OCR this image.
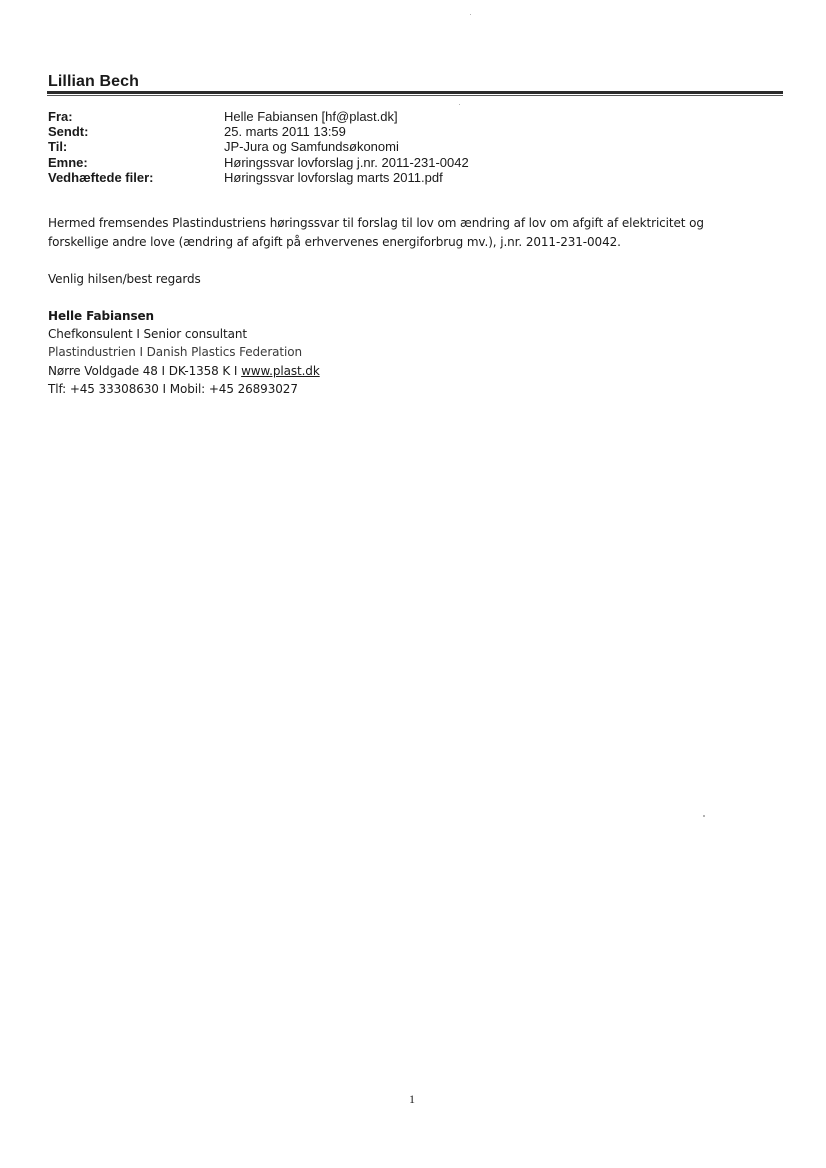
Lillian Bech
Fra:	Helle Fabiansen [hf@plast.dk]
Sendt:	25. marts 2011 13:59
Til:	JP-Jura og Samfundsøkonomi
Emne:	Høringssvar lovforslag j.nr. 2011-231-0042
Vedhæftede filer:	Høringssvar lovforslag marts 2011.pdf

Hermed fremsendes Plastindustriens høringssvar til forslag til lov om ændring af lov om afgift af elektricitet og

forskellige andre love (ændring af afgift på erhvervenes energiforbrug mv.), j.nr. 2011-231-0042.

Venlig hilsen/best regards
Helle Fabiansen
Chefkonsulent I Senior consultant
Plastindustrien I Danish Plastics Federation
Nørre Voldgade 48 I DK-1358 K I www.plast.dk
Tlf: +45 33308630 I Mobil: +45 26893027
1
